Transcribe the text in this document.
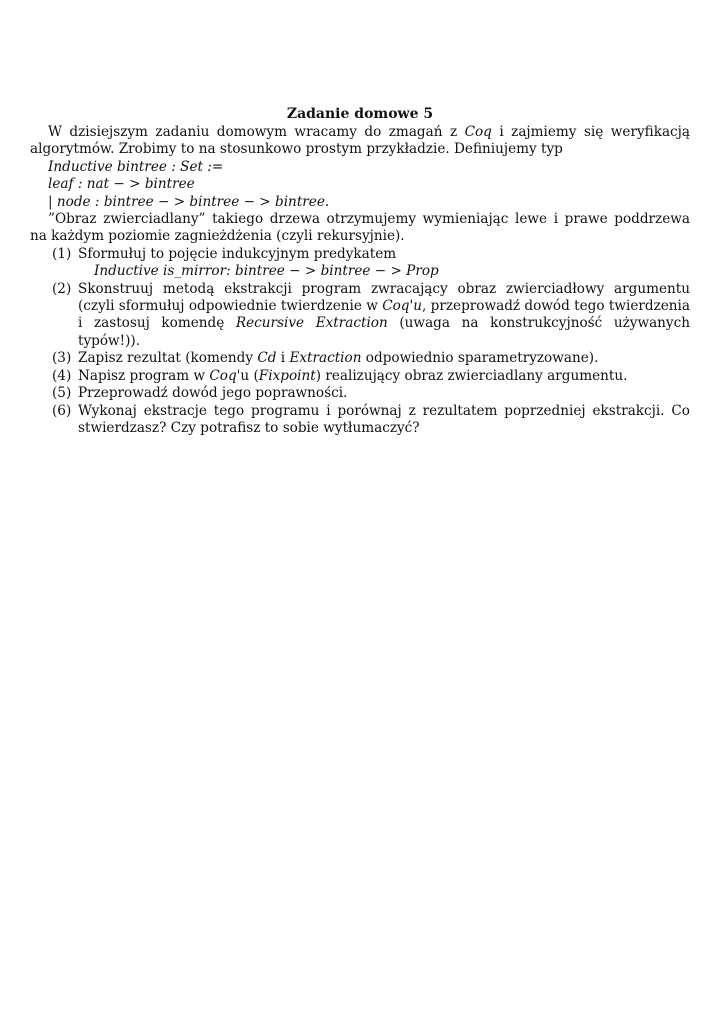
Zadanie domowe 5

W dzisiejszym zadaniu domowym wracamy do zmagań z Coq i zajmiemy się weryfikacją algorytmów. Zrobimy to na stosunkowo prostym przykładzie. Definiujemy typ

Inductive bintree : Set :=
leaf : nat − > bintree
| node : bintree − > bintree − > bintree.

”Obraz zwierciadlany” takiego drzewa otrzymujemy wymieniając lewe i prawe poddrzewa na każdym poziomie zagnieżdżenia (czyli rekursyjnie).

(1) Sformułuj to pojęcie indukcyjnym predykatem
Inductive is_mirror: bintree − > bintree − > Prop
(2) Skonstruuj metodą ekstrakcji program zwracający obraz zwierciadłowy argumentu (czyli sformułuj odpowiednie twierdzenie w Coq'u, przeprowadź dowód tego twierdzenia i zastosuj komendę Recursive Extraction (uwaga na konstrukcyjność używanych typów!)).
(3) Zapisz rezultat (komendy Cd i Extraction odpowiednio sparametryzowane).
(4) Napisz program w Coq'u (Fixpoint) realizujący obraz zwierciadlany argumentu.
(5) Przeprowadź dowód jego poprawności.
(6) Wykonaj ekstracje tego programu i porównaj z rezultatem poprzedniej ekstrakcji. Co stwierdzasz? Czy potrafisz to sobie wytłumaczyć?
